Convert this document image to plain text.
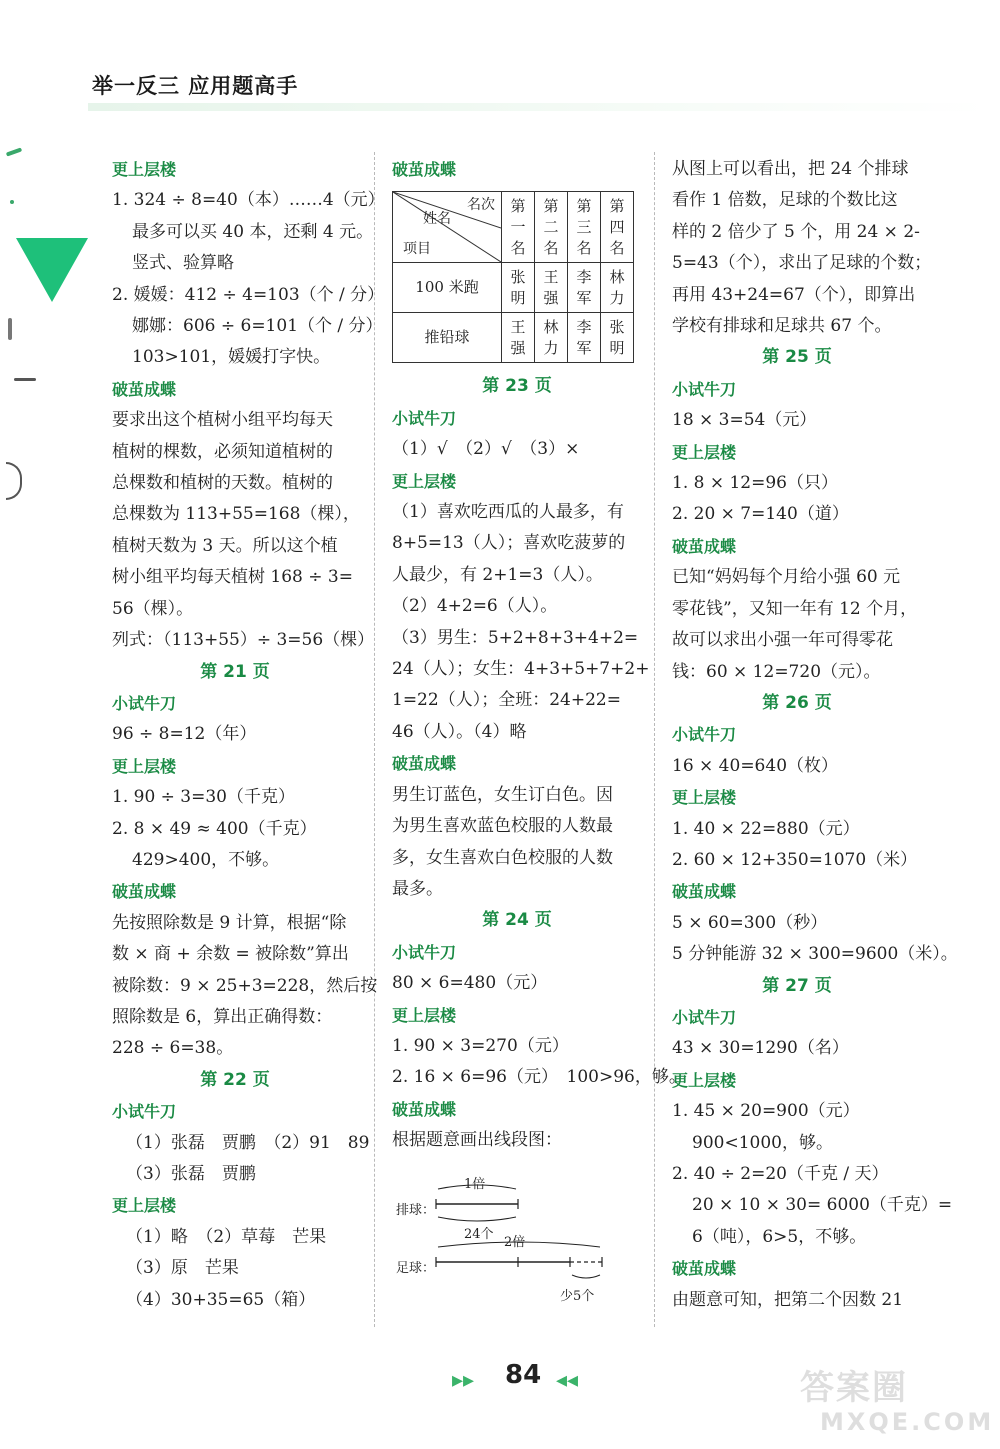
举一反三 应用题高手
更上层楼
1. 324 ÷ 8=40（本）……4（元）
最多可以买 40 本，还剩 4 元。
竖式、验算略
2. 媛媛：412 ÷ 4=103（个 / 分）
娜娜：606 ÷ 6=101（个 / 分）
103>101，媛媛打字快。
破茧成蝶
要求出这个植树小组平均每天
植树的棵数，必须知道植树的
总棵数和植树的天数。植树的
总棵数为 113+55=168（棵），
植树天数为 3 天。所以这个植
树小组平均每天植树 168 ÷ 3=
56（棵）。
列式：（113+55）÷ 3=56（棵）
第 21 页
小试牛刀
96 ÷ 8=12（年）
更上层楼
1. 90 ÷ 3=30（千克）
2. 8 × 49 ≈ 400（千克）
429>400，不够。
破茧成蝶
先按照除数是 9 计算，根据“除
数 × 商 + 余数 = 被除数”算出
被除数：9 × 25+3=228，然后按
照除数是 6，算出正确得数：
228 ÷ 6=38。
第 22 页
小试牛刀
（1）张磊　贾鹏　（2）91　89
（3）张磊　贾鹏
更上层楼
（1）略　（2）草莓　芒果
（3）原　芒果
（4）30+35=65（箱）
破茧成蝶
名次
姓名
项目	第一名	第二名	第三名	第四名
100 米跑	张明	王强	李军	林力
推铅球	王强	林力	李军	张明
第 23 页
小试牛刀
（1）√　（2）√　（3）×
更上层楼
（1）喜欢吃西瓜的人最多，有
8+5=13（人）；喜欢吃菠萝的
人最少，有 2+1=3（人）。
（2）4+2=6（人）。
（3）男生：5+2+8+3+4+2=
24（人）；女生：4+3+5+7+2+
1=22（人）；全班：24+22=
46（人）。（4）略
破茧成蝶
男生订蓝色，女生订白色。因
为男生喜欢蓝色校服的人数最
多，女生喜欢白色校服的人数
最多。
第 24 页
小试牛刀
80 × 6=480（元）
更上层楼
1. 90 × 3=270（元）
2. 16 × 6=96（元）　100>96，够。
破茧成蝶
根据题意画出线段图：
排球：
1倍
24个
足球：
2倍
少5个
从图上可以看出，把 24 个排球
看作 1 倍数，足球的个数比这
样的 2 倍少了 5 个，用 24 × 2-
5=43（个），求出了足球的个数；
再用 43+24=67（个），即算出
学校有排球和足球共 67 个。
第 25 页
小试牛刀
18 × 3=54（元）
更上层楼
1. 8 × 12=96（只）
2. 20 × 7=140（道）
破茧成蝶
已知“妈妈每个月给小强 60 元
零花钱”，又知一年有 12 个月，
故可以求出小强一年可得零花
钱：60 × 12=720（元）。
第 26 页
小试牛刀
16 × 40=640（枚）
更上层楼
1. 40 × 22=880（元）
2. 60 × 12+350=1070（米）
破茧成蝶
5 × 60=300（秒）
5 分钟能游 32 × 300=9600（米）。
第 27 页
小试牛刀
43 × 30=1290（名）
更上层楼
1. 45 × 20=900（元）
900<1000，够。
2. 40 ÷ 2=20（千克 / 天）
20 × 10 × 30= 6000（千克）=
6（吨），6>5，不够。
破茧成蝶
由题意可知，把第二个因数 21
▸▸ 84 ◂◂	答案圈
MXQE.COM
